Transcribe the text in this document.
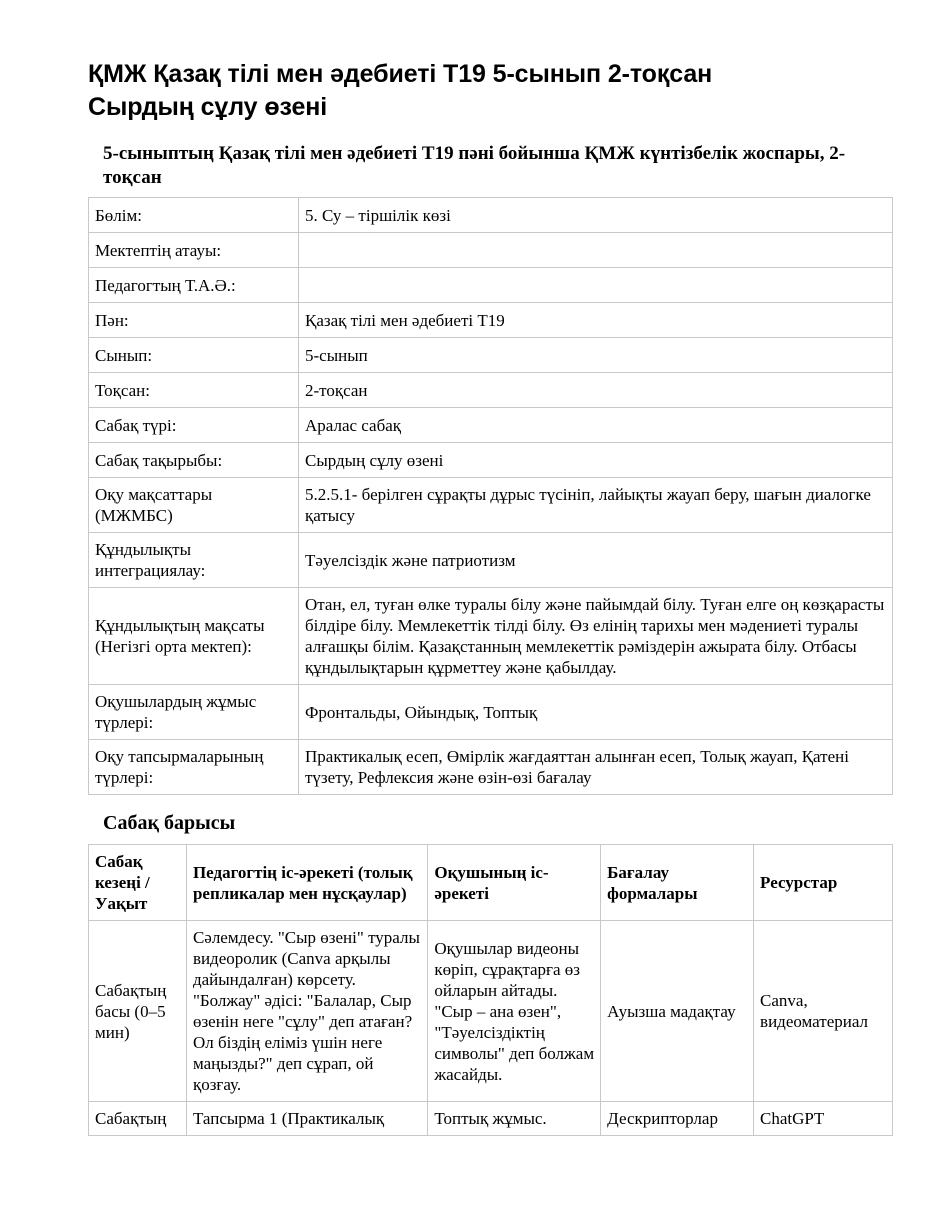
ҚМЖ Қазақ тілі мен әдебиеті Т19 5-сынып 2-тоқсан
Сырдың сұлу өзені
5-сыныптың Қазақ тілі мен әдебиеті Т19 пәні бойынша ҚМЖ күнтізбелік жоспары, 2-тоқсан
Бөлім:	5. Су – тіршілік көзі
Мектептің атауы:	
Педагогтың Т.А.Ә.:	
Пән:	Қазақ тілі мен әдебиеті Т19
Сынып:	5-сынып
Тоқсан:	2-тоқсан
Сабақ түрі:	Аралас сабақ
Сабақ тақырыбы:	Сырдың сұлу өзені
Оқу мақсаттары (МЖМБС)	5.2.5.1- берілген сұрақты дұрыс түсініп, лайықты жауап беру, шағын диалогке қатысу
Құндылықты интеграциялау:	Тәуелсіздік және патриотизм
Құндылықтың мақсаты (Негізгі орта мектеп):	Отан, ел, туған өлке туралы білу және пайымдай білу. Туған елге оң көзқарасты білдіре білу. Мемлекеттік тілді білу. Өз елінің тарихы мен мәдениеті туралы алғашқы білім. Қазақстанның мемлекеттік рәміздерін ажырата білу. Отбасы құндылықтарын құрметтеу және қабылдау.
Оқушылардың жұмыс түрлері:	Фронтальды, Ойындық, Топтық
Оқу тапсырмаларының түрлері:	Практикалық есеп, Өмірлік жағдаяттан алынған есеп, Толық жауап, Қатені түзету, Рефлексия және өзін-өзі бағалау
Сабақ барысы
Сабақ кезеңі / Уақыт	Педагогтің іс-әрекеті (толық репликалар мен нұсқаулар)	Оқушының іс-әрекеті	Бағалау формалары	Ресурстар
Сабақтың басы (0–5 мин)	Сәлемдесу. "Сыр өзені" туралы видеоролик (Canva арқылы дайындалған) көрсету. "Болжау" әдісі: "Балалар, Сыр өзенін неге "сұлу" деп атаған? Ол біздің еліміз үшін неге маңызды?" деп сұрап, ой қозғау.	Оқушылар видеоны көріп, сұрақтарға өз ойларын айтады. "Сыр – ана өзен", "Тәуелсіздіктің символы" деп болжам жасайды.	Ауызша мадақтау	Canva, видеоматериал
Сабақтың	Тапсырма 1 (Практикалық	Топтық жұмыс.	Дескрипторлар	ChatGPT
